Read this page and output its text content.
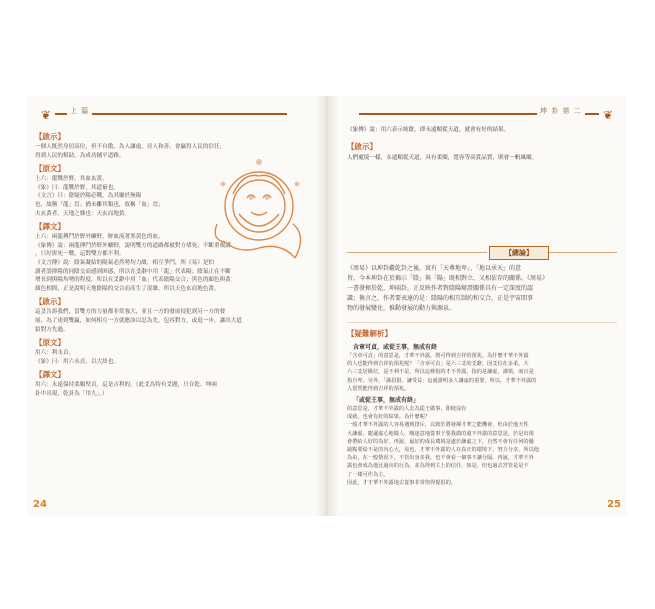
❦	上 篇
【啟示】

一個人既然身居高位，但不自傲，為人謙虛，待人和善，會贏得人民的信任，

得到人民的幫助，為成功鋪平道路。

【原文】

上六：龍戰於野，其血玄黃。

《象》曰：龍戰於野，其道窮也。

《文言》曰：陰疑於陽必戰，為其嫌於無陽

也，故稱「龍」焉；猶未離其類也，故稱「血」焉；

夫玄黃者，天地之雜也：天玄而地黃。

【譯文】

上六：兩龍搏鬥於野外曠野，鮮血流著黑黃色的血。

《象傳》說：兩龍搏鬥於野外曠野，說明雙方的道路都被對方堵死，不斷重複講

，只好拼死一戰，這對雙方都不利。

《文言傳》說：陰氣凝結的陽氣必然勢均力敵，相互爭鬥，所《易》是怕

讀者誤抑陽的同陰交而感到困惑，所以在爻辭中用「龍」代表陽；陰氣正在不斷

增長到與陽均勢的程度，所以在爻辭中用「血」代表陰陽交合；黑色的顏色與黃

顏色相間，正是說明天地陰陽的交合而產生了混雜，所以天色玄而地色黃。

【啟示】

這爻告訴我們，當雙方的力量都非常強大，並且一方的發展侵犯到另一方的發

展，為了達到雙贏，如何相互一方就應該以忍為先，包容對方，或退一步，讓出大道

給對方先過。

【原文】

用六：利永貞。

《象》曰：用六永貞，以大終也。

【譯文】

用六：永遠保持柔順堅貞，這是吉利的。（此爻為特有爻題，只在乾、坤兩

卦中出現，乾卦為「用九」。）

24
坤 卦 第 二 ❦

《象傳》說：用六表示純陰，即永遠順從天道，就會有好的結果。

【啟示】

人們處境一樣，永遠順從天道，具有柔順，寬容等高貴品質，則會一帆風順。

【總論】

《周易》以坤卦繼乾卦之後，寓有「天尊地卑」、「地以承天」的意

旨。今本坤卦在於揭示「陰」與「陽」既相對立、又相依存的關係。《周易》

一書發揮於乾、坤兩卦，正反映作者對陰陽辯證關係具有一定深度的認

識；換言之，作者要表達的是：陰陽的相互制約和交合，正是宇宙間事

物的發展變化，推動發展的動力與源泉。

【疑難解析】
含章可貞，或從王事，無成有終

「含章可貞」的意思是，才華不外露，則可得到吉祥的預兆。為什麼才華不外露

的人也能得到吉祥的預兆呢？「含章可貞」是六三爻的爻辭，因爻位在多柔，大

六三爻居陽位，是不利不是，所以這裡指的才不外露，指的是謙虛，謹慎，而且是

指自卑。另外，「滿招損，謙受益」這就證明多人謙虛的重要，所以，才華不外露的

人當然能得到吉祥的預兆。

「或從王事，無成有終」

的意思是，才華不外露的人去為從王做事，即使沒有

成就，也會有好的結果。為什麼呢？

一般才華不外露的人容易遇到排斥，以致於將發揮才華之能機會，但由於他天性

大謙虛，寵遜虛心地做人，順逐意地從事王要我做的還不外露的意思是，於是出現

會帶給人好的為好。再說，最好的成長環境是處於謙虛之下，自然不會有任何的優

缺點要給不是的內心大，易也，才華不外露的人在真正的環境下，努力分享，所以他

為由，在一般情況下，不管出身多我，也不會看一個事不讓分隔。再說，才華不外

露也會成為他比過出的行為，並為得到主上的信任，如是，但也過去宮管是是不

了一樣可作為主。

因此，才才華不外露地去從事非常值得提倡的。

25
